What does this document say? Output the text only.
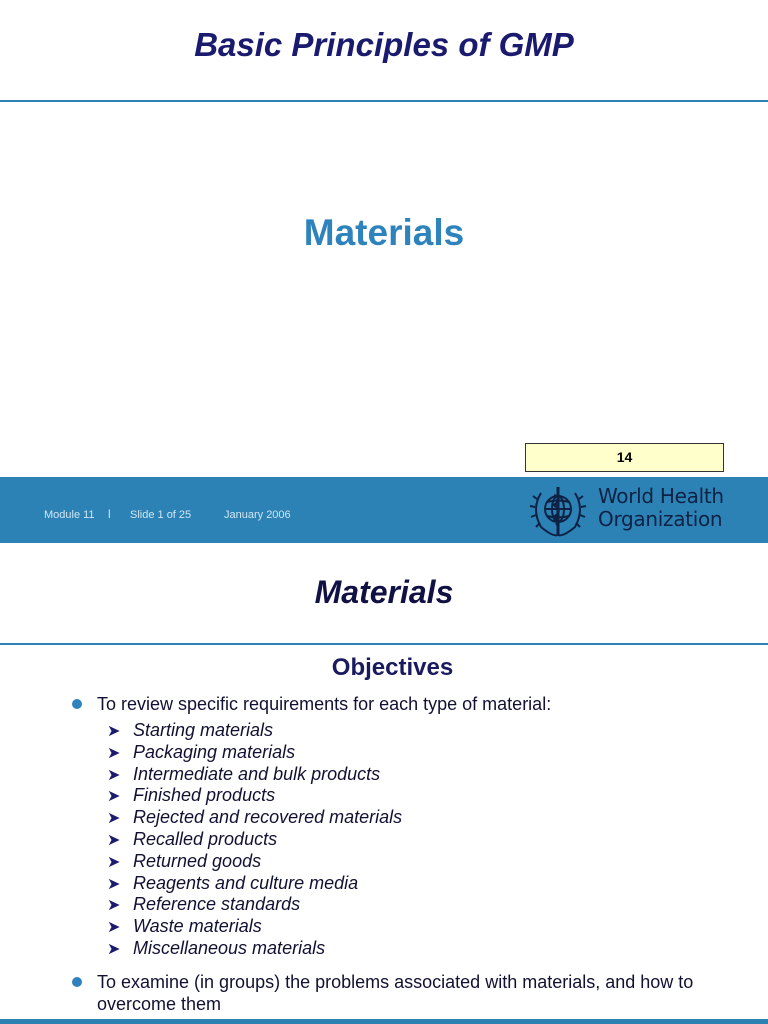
Basic Principles of GMP
Materials
14
Module 11 l Slide 1 of 25	January 2006
World Health
Organization
Materials
Objectives
To review specific requirements for each type of material:
➤ Starting materials
➤ Packaging materials
➤ Intermediate and bulk products
➤ Finished products
➤ Rejected and recovered materials
➤ Recalled products
➤ Returned goods
➤ Reagents and culture media
➤ Reference standards
➤ Waste materials
➤ Miscellaneous materials
To examine (in groups) the problems associated with materials, and how to overcome them
